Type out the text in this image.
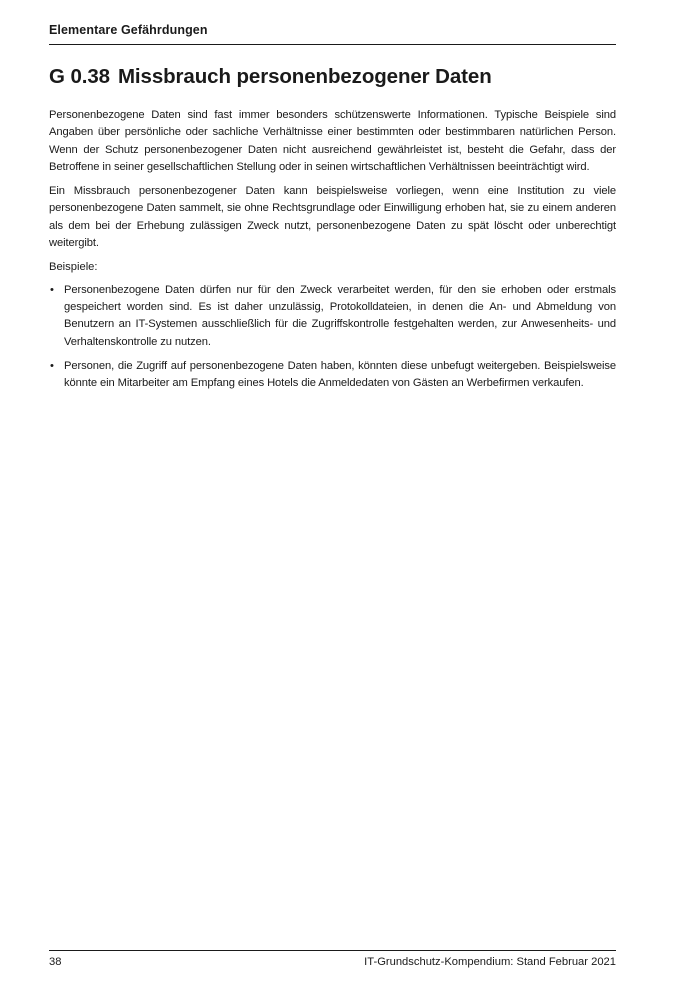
Elementare Gefährdungen
G 0.38 Missbrauch personenbezogener Daten

Personenbezogene Daten sind fast immer besonders schützenswerte Informationen. Typische Beispiele sind Angaben über persönliche oder sachliche Verhältnisse einer bestimmten oder bestimmbaren natürlichen Person. Wenn der Schutz personenbezogener Daten nicht ausreichend gewährleistet ist, besteht die Gefahr, dass der Betroffene in seiner gesellschaftlichen Stellung oder in seinen wirtschaftlichen Verhältnissen beeinträchtigt wird.

Ein Missbrauch personenbezogener Daten kann beispielsweise vorliegen, wenn eine Institution zu viele personenbezogene Daten sammelt, sie ohne Rechtsgrundlage oder Einwilligung erhoben hat, sie zu einem anderen als dem bei der Erhebung zulässigen Zweck nutzt, personenbezogene Daten zu spät löscht oder unberechtigt weitergibt.

Beispiele:

• Personenbezogene Daten dürfen nur für den Zweck verarbeitet werden, für den sie erhoben oder erstmals gespeichert worden sind. Es ist daher unzulässig, Protokolldateien, in denen die An- und Abmeldung von Benutzern an IT-Systemen ausschließlich für die Zugriffskontrolle festgehalten werden, zur Anwesenheits- und Verhaltenskontrolle zu nutzen.
• Personen, die Zugriff auf personenbezogene Daten haben, könnten diese unbefugt weitergeben. Beispielsweise könnte ein Mitarbeiter am Empfang eines Hotels die Anmeldedaten von Gästen an Werbefirmen verkaufen.
38	IT-Grundschutz-Kompendium: Stand Februar 2021
